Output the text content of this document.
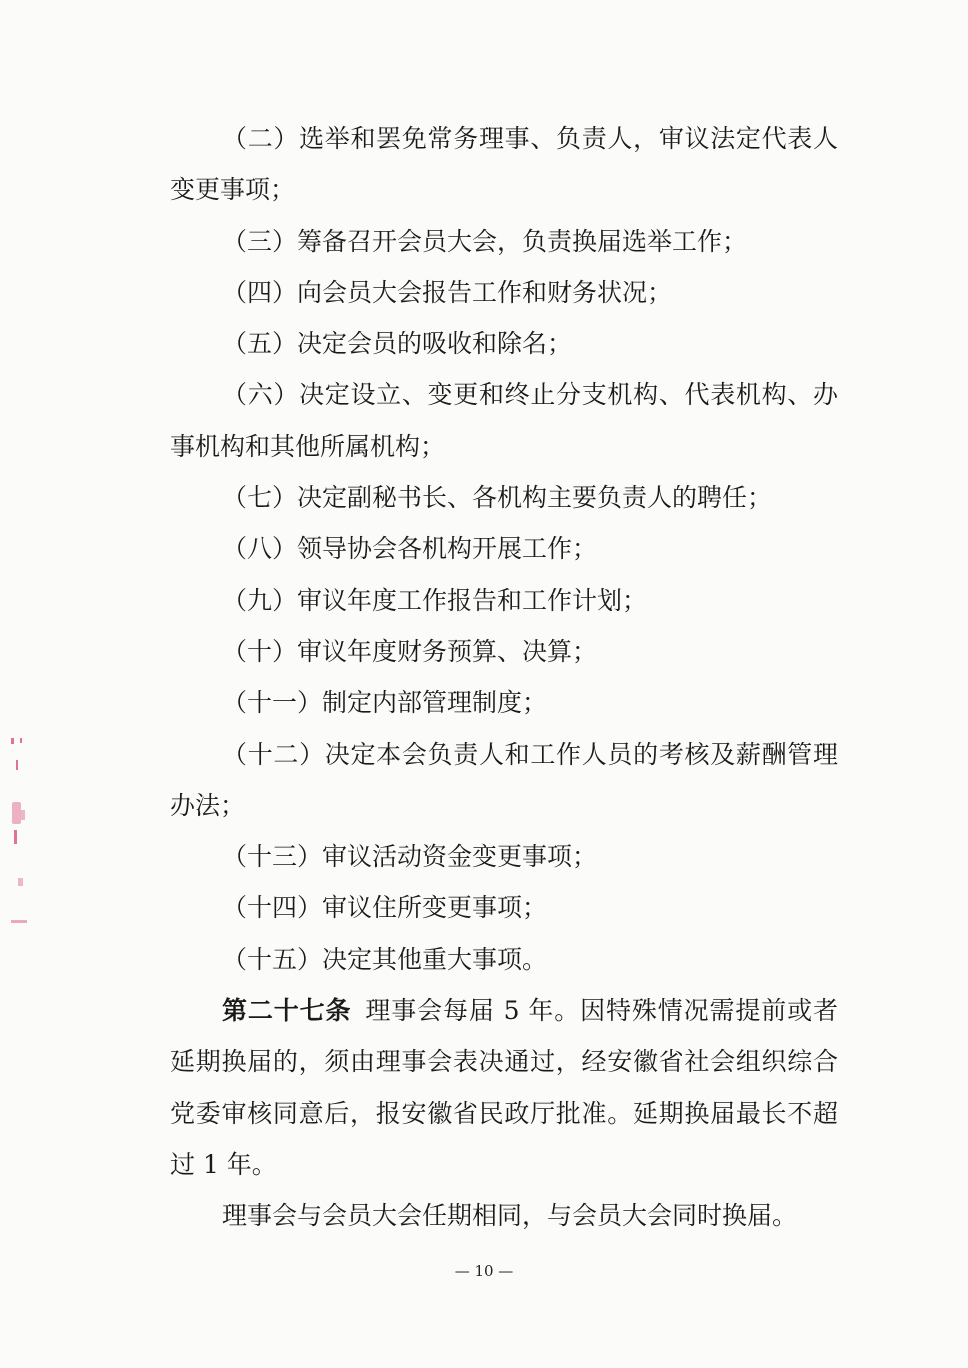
（二）选举和罢免常务理事、负责人，审议法定代表人
变更事项；
（三）筹备召开会员大会，负责换届选举工作；
（四）向会员大会报告工作和财务状况；
（五）决定会员的吸收和除名；
（六）决定设立、变更和终止分支机构、代表机构、办
事机构和其他所属机构；
（七）决定副秘书长、各机构主要负责人的聘任；
（八）领导协会各机构开展工作；
（九）审议年度工作报告和工作计划；
（十）审议年度财务预算、决算；
（十一）制定内部管理制度；
（十二）决定本会负责人和工作人员的考核及薪酬管理
办法；
（十三）审议活动资金变更事项；
（十四）审议住所变更事项；
（十五）决定其他重大事项。
第二十七条 理事会每届 5 年。因特殊情况需提前或者
延期换届的，须由理事会表决通过，经安徽省社会组织综合
党委审核同意后，报安徽省民政厅批准。延期换届最长不超
过 1 年。
理事会与会员大会任期相同，与会员大会同时换届。
— 10 —
